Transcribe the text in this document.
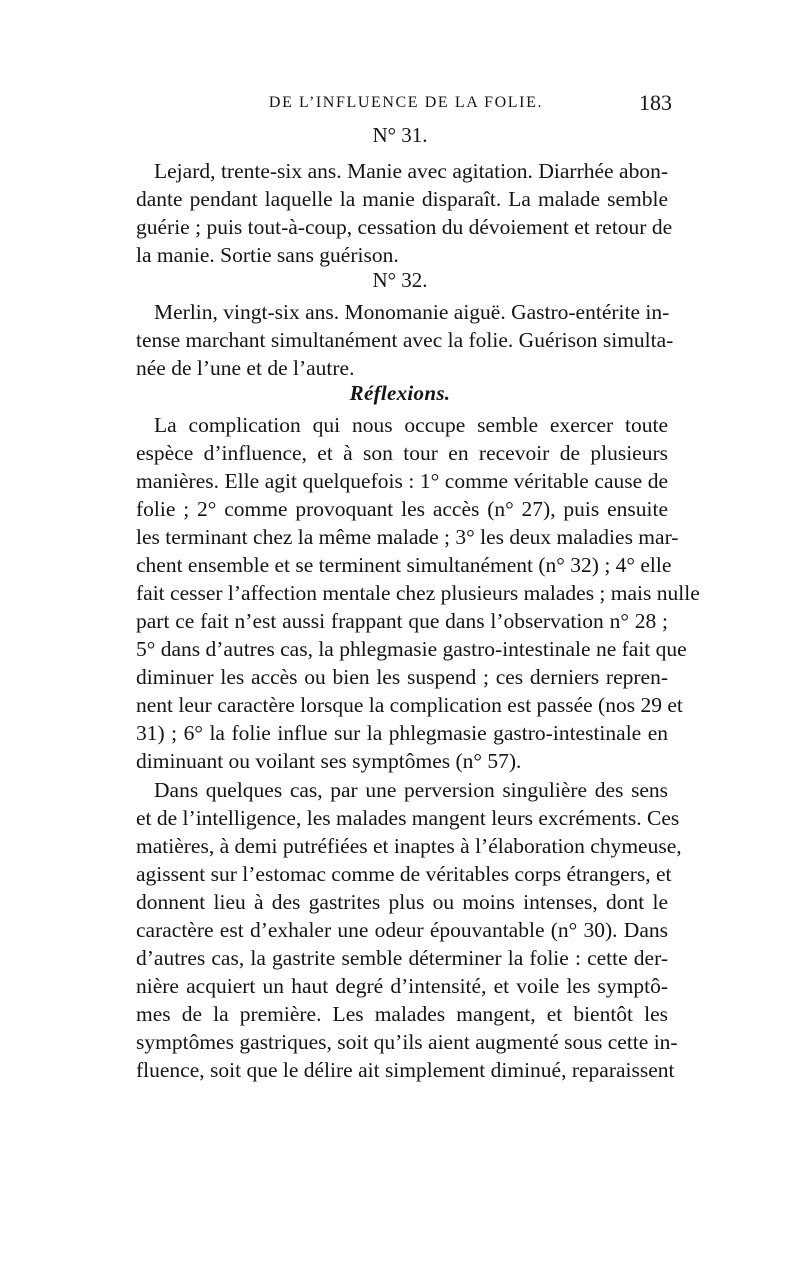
DE L’INFLUENCE DE LA FOLIE.	183
N° 31.
Lejard, trente-six ans. Manie avec agitation. Diarrhée abon-
dante pendant laquelle la manie disparaît. La malade semble
guérie ; puis tout-à-coup, cessation du dévoiement et retour de
la manie. Sortie sans guérison.
N° 32.
Merlin, vingt-six ans. Monomanie aiguë. Gastro-entérite in-
tense marchant simultanément avec la folie. Guérison simulta-
née de l’une et de l’autre.
Réflexions.
La complication qui nous occupe semble exercer toute
espèce d’influence, et à son tour en recevoir de plusieurs
manières. Elle agit quelquefois : 1° comme véritable cause de
folie ; 2° comme provoquant les accès (n° 27), puis ensuite
les terminant chez la même malade ; 3° les deux maladies mar-
chent ensemble et se terminent simultanément (n° 32) ; 4° elle
fait cesser l’affection mentale chez plusieurs malades ; mais nulle
part ce fait n’est aussi frappant que dans l’observation n° 28 ;
5° dans d’autres cas, la phlegmasie gastro-intestinale ne fait que
diminuer les accès ou bien les suspend ; ces derniers repren-
nent leur caractère lorsque la complication est passée (nos 29 et
31) ; 6° la folie influe sur la phlegmasie gastro-intestinale en
diminuant ou voilant ses symptômes (n° 57).
Dans quelques cas, par une perversion singulière des sens
et de l’intelligence, les malades mangent leurs excréments. Ces
matières, à demi putréfiées et inaptes à l’élaboration chymeuse,
agissent sur l’estomac comme de véritables corps étrangers, et
donnent lieu à des gastrites plus ou moins intenses, dont le
caractère est d’exhaler une odeur épouvantable (n° 30). Dans
d’autres cas, la gastrite semble déterminer la folie : cette der-
nière acquiert un haut degré d’intensité, et voile les symptô-
mes de la première. Les malades mangent, et bientôt les
symptômes gastriques, soit qu’ils aient augmenté sous cette in-
fluence, soit que le délire ait simplement diminué, reparaissent
